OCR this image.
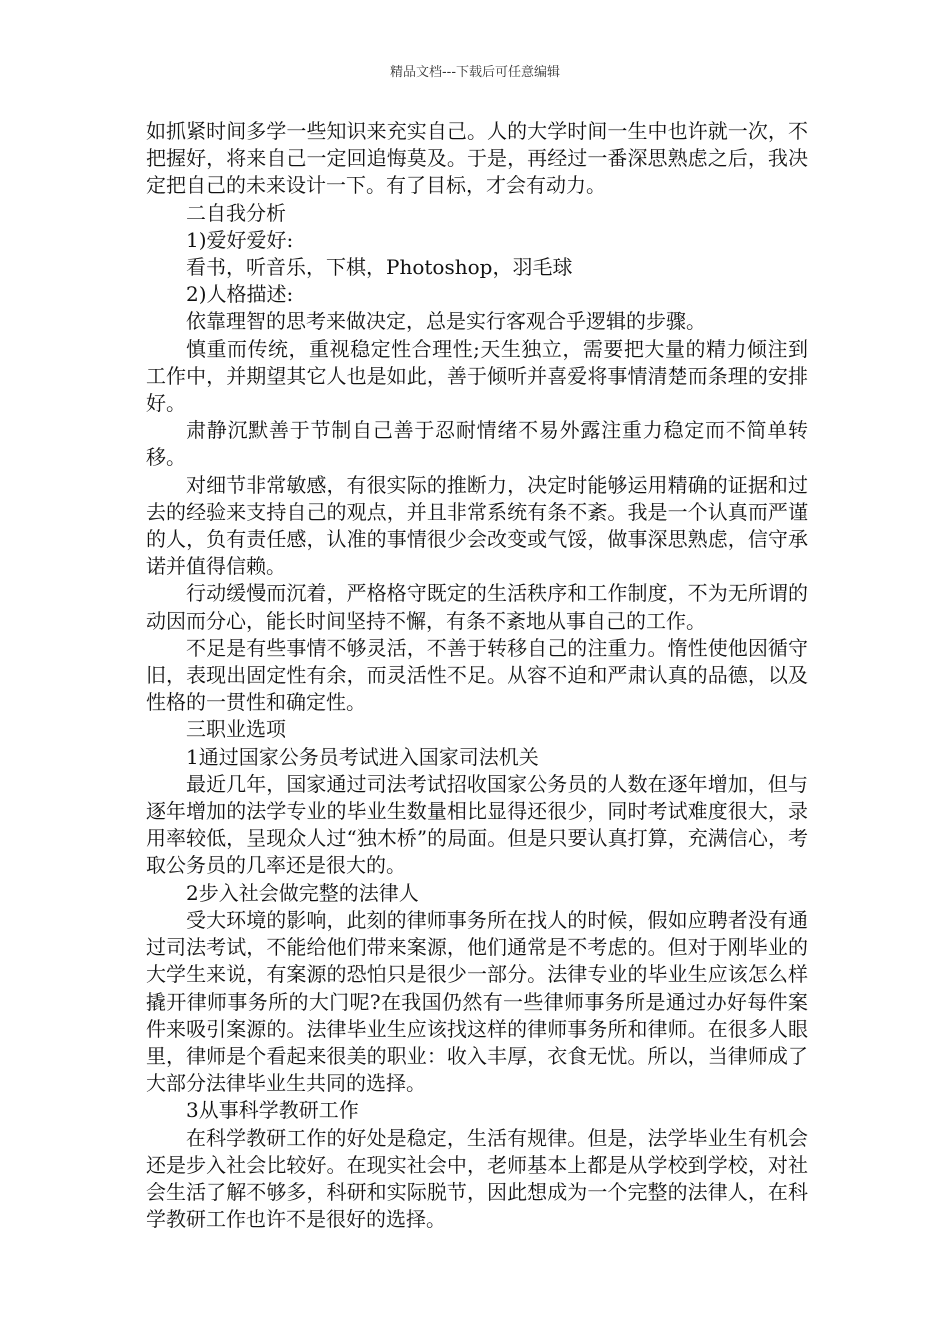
精品文档---下载后可任意编辑

如抓紧时间多学一些知识来充实自己。人的大学时间一生中也许就一次，不把握好，将来自己一定回追悔莫及。于是，再经过一番深思熟虑之后，我决定把自己的未来设计一下。有了目标，才会有动力。

二自我分析

1)爱好爱好:

看书，听音乐，下棋，Photoshop，羽毛球

2)人格描述:

依靠理智的思考来做决定，总是实行客观合乎逻辑的步骤。

慎重而传统，重视稳定性合理性;天生独立，需要把大量的精力倾注到工作中，并期望其它人也是如此，善于倾听并喜爱将事情清楚而条理的安排好。

肃静沉默善于节制自己善于忍耐情绪不易外露注重力稳定而不简单转移。

对细节非常敏感，有很实际的推断力，决定时能够运用精确的证据和过去的经验来支持自己的观点，并且非常系统有条不紊。我是一个认真而严谨的人，负有责任感，认准的事情很少会改变或气馁，做事深思熟虑，信守承诺并值得信赖。

行动缓慢而沉着，严格格守既定的生活秩序和工作制度，不为无所谓的动因而分心，能长时间坚持不懈，有条不紊地从事自己的工作。

不足是有些事情不够灵活，不善于转移自己的注重力。惰性使他因循守旧，表现出固定性有余，而灵活性不足。从容不迫和严肃认真的品德，以及性格的一贯性和确定性。

三职业选项

1通过国家公务员考试进入国家司法机关

最近几年，国家通过司法考试招收国家公务员的人数在逐年增加，但与逐年增加的法学专业的毕业生数量相比显得还很少，同时考试难度很大，录用率较低，呈现众人过“独木桥”的局面。但是只要认真打算，充满信心，考取公务员的几率还是很大的。

2步入社会做完整的法律人

受大环境的影响，此刻的律师事务所在找人的时候，假如应聘者没有通过司法考试，不能给他们带来案源，他们通常是不考虑的。但对于刚毕业的大学生来说，有案源的恐怕只是很少一部分。法律专业的毕业生应该怎么样撬开律师事务所的大门呢?在我国仍然有一些律师事务所是通过办好每件案件来吸引案源的。法律毕业生应该找这样的律师事务所和律师。在很多人眼里，律师是个看起来很美的职业：收入丰厚，衣食无忧。所以，当律师成了大部分法律毕业生共同的选择。

3从事科学教研工作

在科学教研工作的好处是稳定，生活有规律。但是，法学毕业生有机会还是步入社会比较好。在现实社会中，老师基本上都是从学校到学校，对社会生活了解不够多，科研和实际脱节，因此想成为一个完整的法律人，在科学教研工作也许不是很好的选择。
